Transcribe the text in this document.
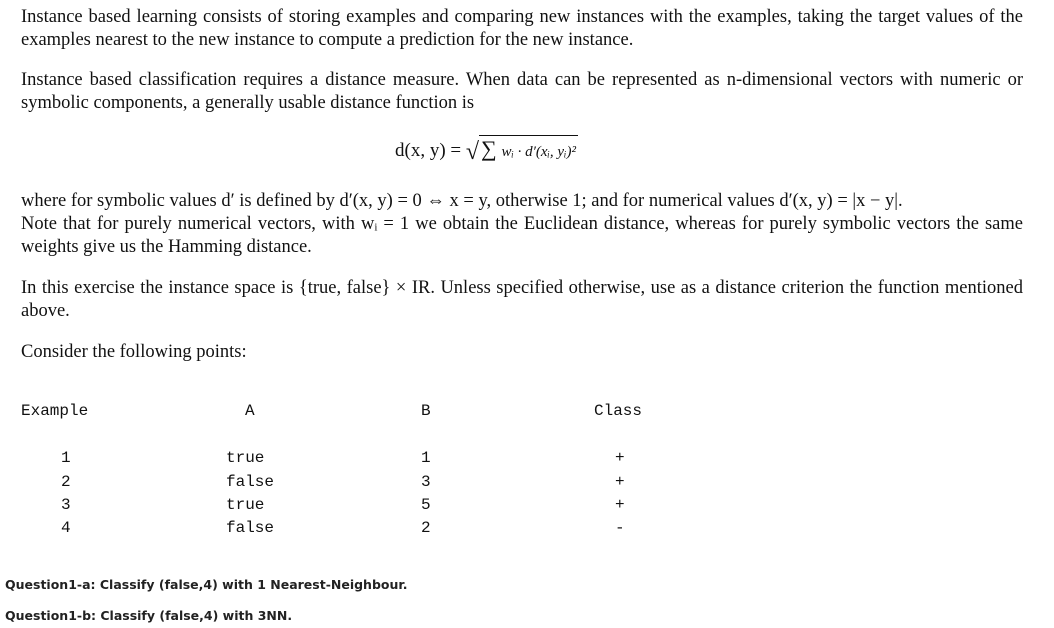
Instance based learning consists of storing examples and comparing new instances with the examples, taking the target values of the examples nearest to the new instance to compute a prediction for the new instance.
Instance based classification requires a distance measure. When data can be represented as n-dimensional vectors with numeric or symbolic components, a generally usable distance function is
d(x, y) = √∑ wᵢ · d′(xᵢ, yᵢ)²
where for symbolic values d′ is defined by d′(x, y) = 0 ⇔ x = y, otherwise 1; and for numerical values d′(x, y) = |x − y|.
Note that for purely numerical vectors, with wᵢ = 1 we obtain the Euclidean distance, whereas for purely symbolic vectors the same weights give us the Hamming distance.
In this exercise the instance space is {true, false} × IR. Unless specified otherwise, use as a distance criterion the function mentioned above.
Consider the following points:
Example	A	B	Class
1	true	1	+
2	false	3	+
3	true	5	+
4	false	2	-
Question1-a: Classify (false,4) with 1 Nearest-Neighbour.
Question1-b: Classify (false,4) with 3NN.
